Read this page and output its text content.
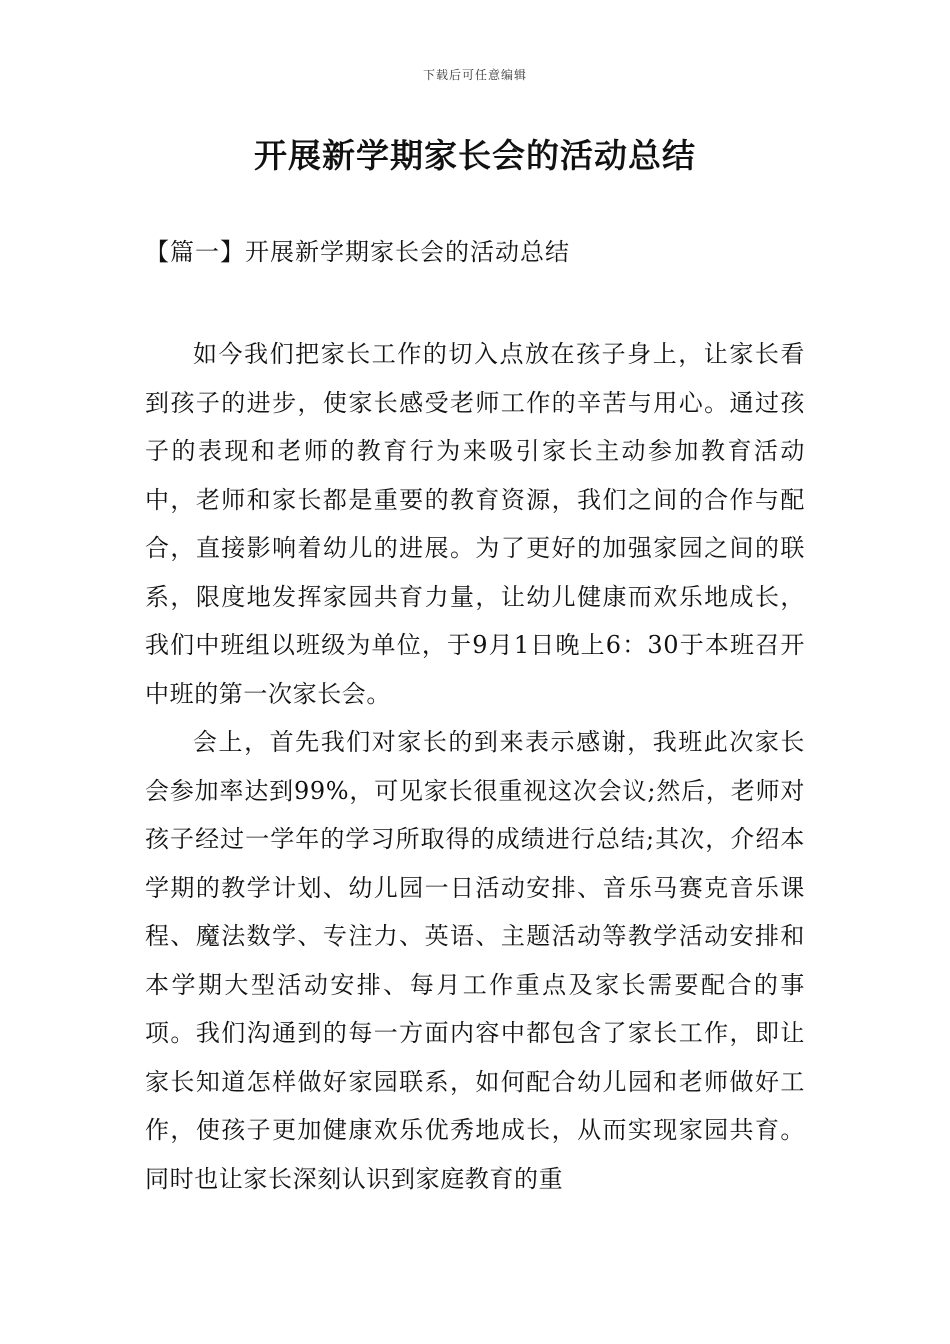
下载后可任意编辑
开展新学期家长会的活动总结
【篇一】开展新学期家长会的活动总结

如今我们把家长工作的切入点放在孩子身上，让家长看到孩子的进步，使家长感受老师工作的辛苦与用心。通过孩子的表现和老师的教育行为来吸引家长主动参加教育活动中，老师和家长都是重要的教育资源，我们之间的合作与配合，直接影响着幼儿的进展。为了更好的加强家园之间的联系，限度地发挥家园共育力量，让幼儿健康而欢乐地成长，我们中班组以班级为单位，于9月1日晚上6：30于本班召开中班的第一次家长会。

会上，首先我们对家长的到来表示感谢，我班此次家长会参加率达到99%，可见家长很重视这次会议;然后，老师对孩子经过一学年的学习所取得的成绩进行总结;其次，介绍本学期的教学计划、幼儿园一日活动安排、音乐马赛克音乐课程、魔法数学、专注力、英语、主题活动等教学活动安排和本学期大型活动安排、每月工作重点及家长需要配合的事项。我们沟通到的每一方面内容中都包含了家长工作，即让家长知道怎样做好家园联系，如何配合幼儿园和老师做好工作，使孩子更加健康欢乐优秀地成长，从而实现家园共育。同时也让家长深刻认识到家庭教育的重
